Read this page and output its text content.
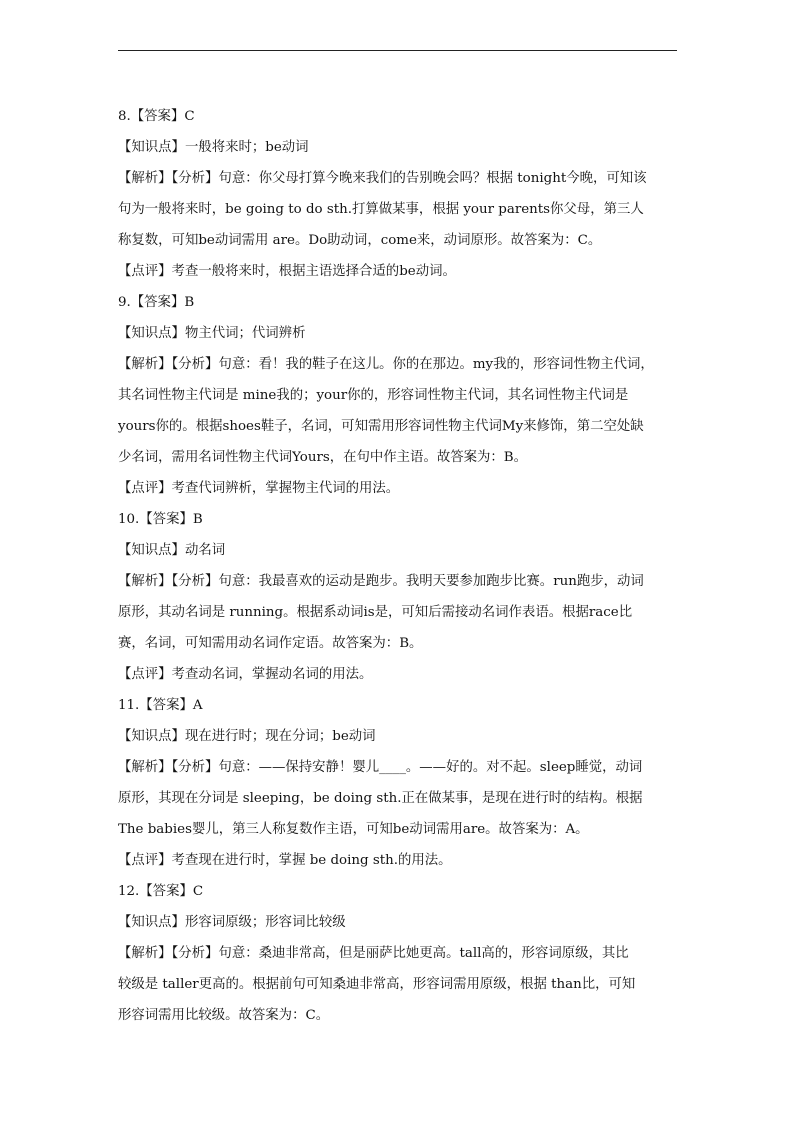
8.【答案】C
【知识点】一般将来时；be动词
【解析】【分析】句意：你父母打算今晚来我们的告别晚会吗？根据 tonight今晚，可知该
句为一般将来时，be going to do sth.打算做某事，根据 your parents你父母，第三人
称复数，可知be动词需用 are。Do助动词，come来，动词原形。故答案为：C。
【点评】考查一般将来时，根据主语选择合适的be动词。
9.【答案】B
【知识点】物主代词；代词辨析
【解析】【分析】句意：看！我的鞋子在这儿。你的在那边。my我的，形容词性物主代词，
其名词性物主代词是 mine我的；your你的，形容词性物主代词，其名词性物主代词是
yours你的。根据shoes鞋子，名词，可知需用形容词性物主代词My来修饰，第二空处缺
少名词，需用名词性物主代词Yours，在句中作主语。故答案为：B。
【点评】考查代词辨析，掌握物主代词的用法。
10.【答案】B
【知识点】动名词
【解析】【分析】句意：我最喜欢的运动是跑步。我明天要参加跑步比赛。run跑步，动词
原形，其动名词是 running。根据系动词is是，可知后需接动名词作表语。根据race比
赛，名词，可知需用动名词作定语。故答案为：B。
【点评】考查动名词，掌握动名词的用法。
11.【答案】A
【知识点】现在进行时；现在分词；be动词
【解析】【分析】句意：——保持安静！婴儿____。——好的。对不起。sleep睡觉，动词
原形，其现在分词是 sleeping，be doing sth.正在做某事，是现在进行时的结构。根据
The babies婴儿，第三人称复数作主语，可知be动词需用are。故答案为：A。
【点评】考查现在进行时，掌握 be doing sth.的用法。
12.【答案】C
【知识点】形容词原级；形容词比较级
【解析】【分析】句意：桑迪非常高，但是丽萨比她更高。tall高的，形容词原级，其比
较级是 taller更高的。根据前句可知桑迪非常高，形容词需用原级，根据 than比，可知
形容词需用比较级。故答案为：C。
